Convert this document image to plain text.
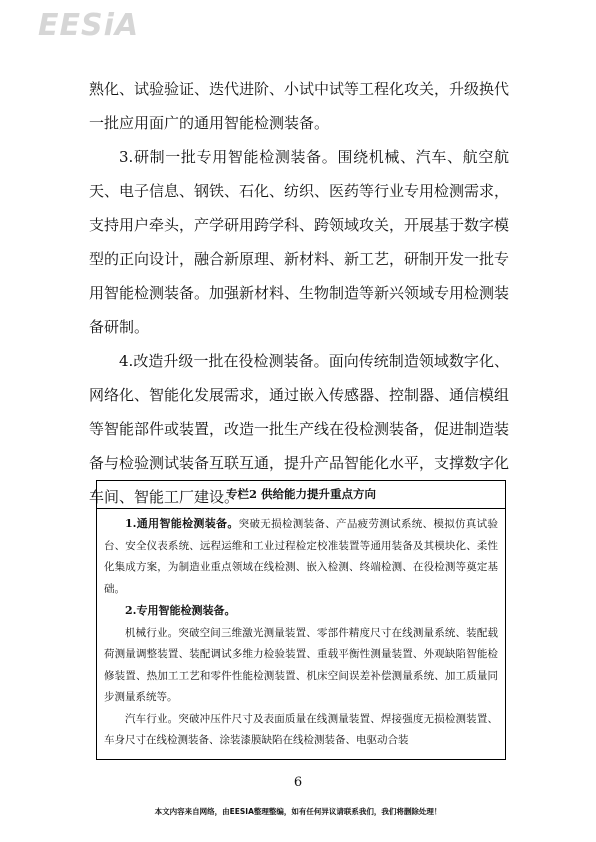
EESiA

熟化、试验验证、迭代进阶、小试中试等工程化攻关，升级换代一批应用面广的通用智能检测装备。

3.研制一批专用智能检测装备。围绕机械、汽车、航空航天、电子信息、钢铁、石化、纺织、医药等行业专用检测需求，支持用户牵头，产学研用跨学科、跨领域攻关，开展基于数字模型的正向设计，融合新原理、新材料、新工艺，研制开发一批专用智能检测装备。加强新材料、生物制造等新兴领域专用检测装备研制。

4.改造升级一批在役检测装备。面向传统制造领域数字化、网络化、智能化发展需求，通过嵌入传感器、控制器、通信模组等智能部件或装置，改造一批生产线在役检测装备，促进制造装备与检验测试装备互联互通，提升产品智能化水平，支撑数字化车间、智能工厂建设。

专栏2 供给能力提升重点方向

1.通用智能检测装备。突破无损检测装备、产品疲劳测试系统、模拟仿真试验台、安全仪表系统、远程运维和工业过程检定校准装置等通用装备及其模块化、柔性化集成方案，为制造业重点领域在线检测、嵌入检测、终端检测、在役检测等奠定基础。

2.专用智能检测装备。

机械行业。突破空间三维激光测量装置、零部件精度尺寸在线测量系统、装配载荷测量调整装置、装配调试多维力检验装置、重载平衡性测量装置、外观缺陷智能检修装置、热加工工艺和零件性能检测装置、机床空间误差补偿测量系统、加工质量同步测量系统等。

汽车行业。突破冲压件尺寸及表面质量在线测量装置、焊接强度无损检测装置、车身尺寸在线检测装备、涂装漆膜缺陷在线检测装备、电驱动合装

6
本文内容来自网络，由EESIA整理整编，如有任何异议请联系我们，我们将删除处理！
